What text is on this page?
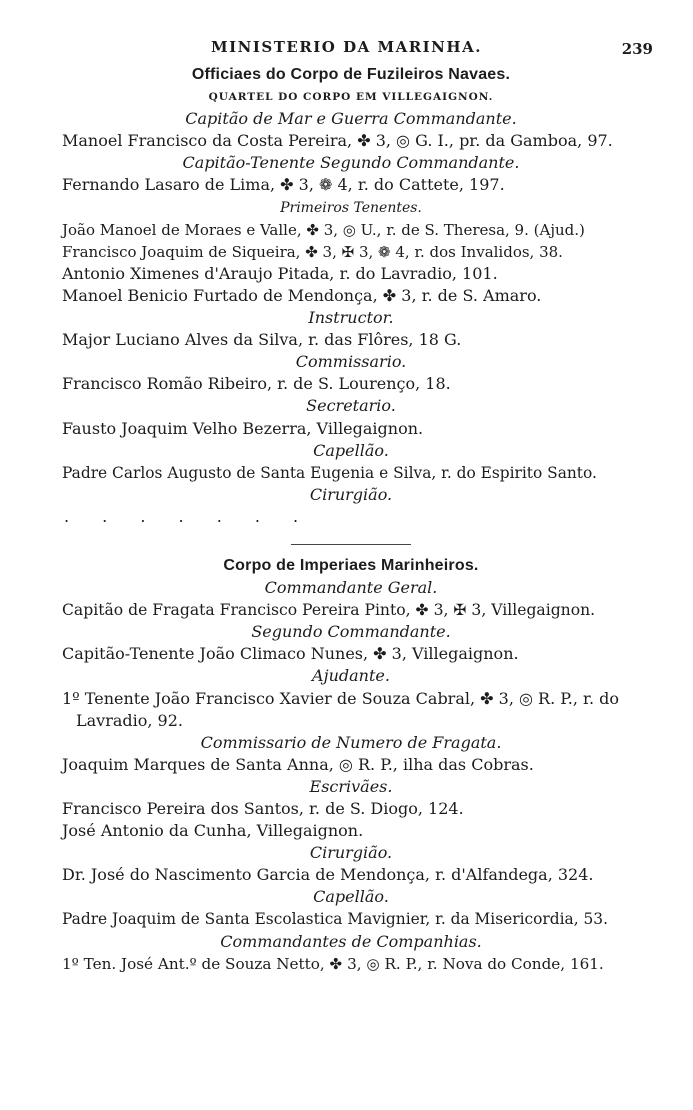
MINISTERIO DA MARINHA.	239
Officiaes do Corpo de Fuzileiros Navaes.
QUARTEL DO CORPO EM VILLEGAIGNON.
Capitão de Mar e Guerra Commandante.
Manoel Francisco da Costa Pereira, ✤ 3, ◎ G. I., pr. da Gamboa, 97.
Capitão-Tenente Segundo Commandante.
Fernando Lasaro de Lima, ✤ 3, ❁ 4, r. do Cattete, 197.
Primeiros Tenentes.
João Manoel de Moraes e Valle, ✤ 3, ◎ U., r. de S. Theresa, 9. (Ajud.)
Francisco Joaquim de Siqueira, ✤ 3, ✠ 3, ❁ 4, r. dos Invalidos, 38.
Antonio Ximenes d'Araujo Pitada, r. do Lavradio, 101.
Manoel Benicio Furtado de Mendonça, ✤ 3, r. de S. Amaro.
Instructor.
Major Luciano Alves da Silva, r. das Flôres, 18 G.
Commissario.
Francisco Romão Ribeiro, r. de S. Lourenço, 18.
Secretario.
Fausto Joaquim Velho Bezerra, Villegaignon.
Capellão.
Padre Carlos Augusto de Santa Eugenia e Silva, r. do Espirito Santo.
Cirurgião.
. . . . . . .
Corpo de Imperiaes Marinheiros.
Commandante Geral.
Capitão de Fragata Francisco Pereira Pinto, ✤ 3, ✠ 3, Villegaignon.
Segundo Commandante.
Capitão-Tenente João Climaco Nunes, ✤ 3, Villegaignon.
Ajudante.
1º Tenente João Francisco Xavier de Souza Cabral, ✤ 3, ◎ R. P., r. do Lavradio, 92.
Commissario de Numero de Fragata.
Joaquim Marques de Santa Anna, ◎ R. P., ilha das Cobras.
Escrivães.
Francisco Pereira dos Santos, r. de S. Diogo, 124.
José Antonio da Cunha, Villegaignon.
Cirurgião.
Dr. José do Nascimento Garcia de Mendonça, r. d'Alfandega, 324.
Capellão.
Padre Joaquim de Santa Escolastica Mavignier, r. da Misericordia, 53.
Commandantes de Companhias.
1º Ten. José Ant.º de Souza Netto, ✤ 3, ◎ R. P., r. Nova do Conde, 161.
